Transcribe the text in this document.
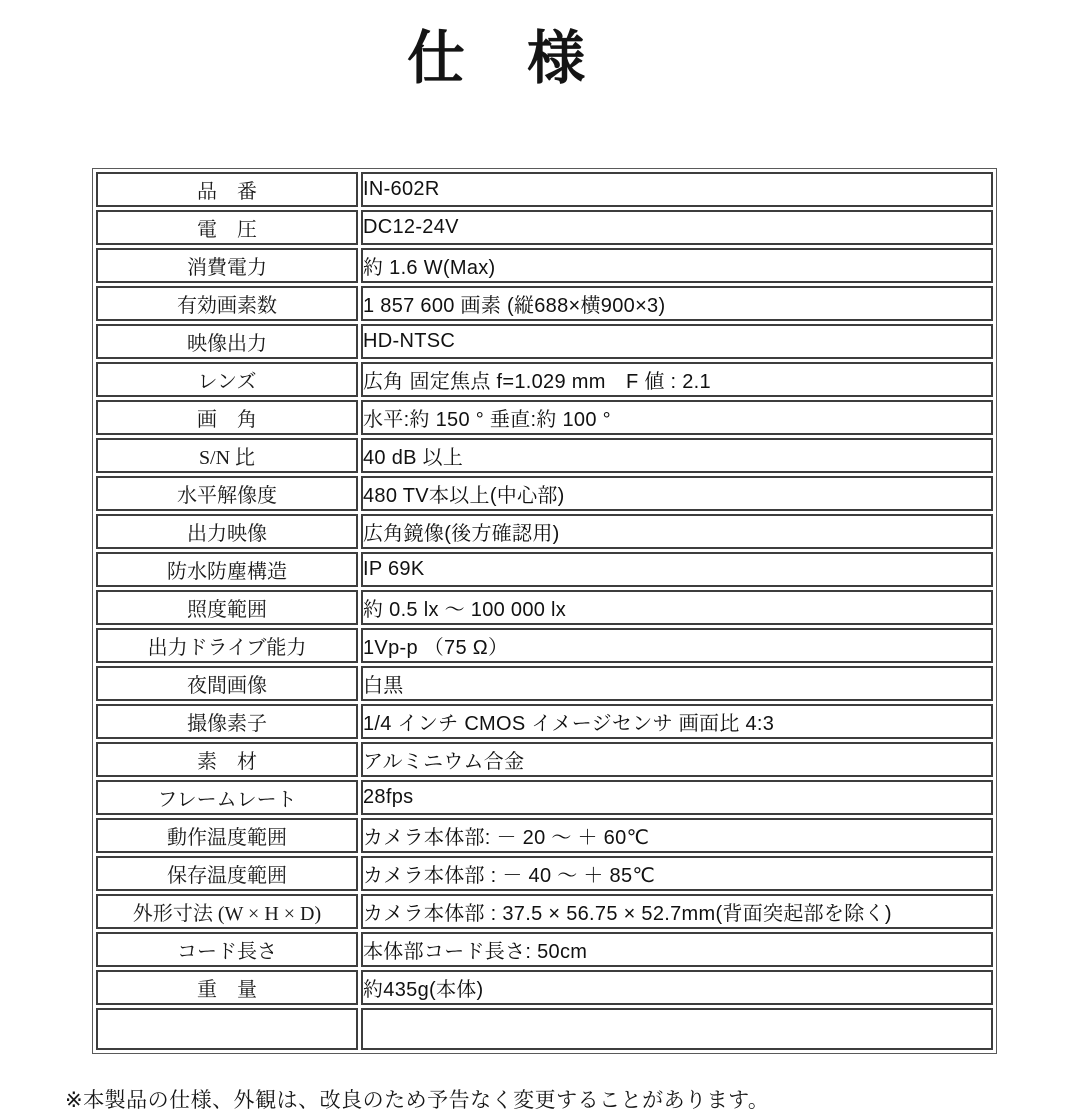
仕　様
品　番	IN-602R
電　圧	DC12-24V
消費電力	約 1.6 W(Max)
有効画素数	1 857 600 画素 (縦688×横900×3)
映像出力	HD-NTSC
レンズ	広角 固定焦点 f=1.029 mm　F 値 : 2.1
画　角	水平:約 150 ° 垂直:約 100 °
S/N 比	40 dB 以上
水平解像度	480 TV本以上(中心部)
出力映像	広角鏡像(後方確認用)
防水防塵構造	IP 69K
照度範囲	約 0.5 lx ～ 100 000 lx
出力ドライブ能力	1Vp-p （75 Ω）
夜間画像	白黒
撮像素子	1/4 インチ CMOS イメージセンサ 画面比 4:3
素　材	アルミニウム合金
フレームレート	28fps
動作温度範囲	カメラ本体部: － 20 ～ ＋ 60℃
保存温度範囲	カメラ本体部 : － 40 ～ ＋ 85℃
外形寸法 (W × H × D)	カメラ本体部 : 37.5 × 56.75 × 52.7mm(背面突起部を除く)
コード長さ	本体部コード長さ: 50cm
重　量	約435g(本体)

※本製品の仕様、外観は、改良のため予告なく変更することがあります。
